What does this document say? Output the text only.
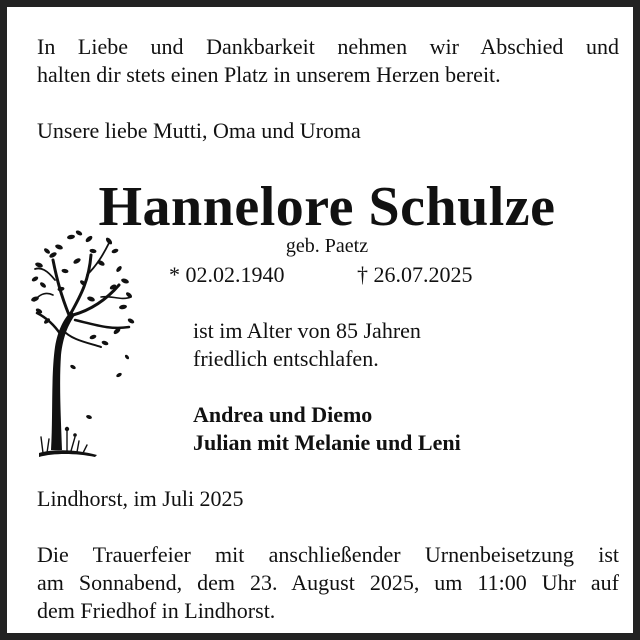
In Liebe und Dankbarkeit nehmen wir Abschied und
halten dir stets einen Platz in unserem Herzen bereit.

Unsere liebe Mutti, Oma und Uroma

Hannelore Schulze
geb. Paetz
* 02.02.1940	† 26.07.2025
ist im Alter von 85 Jahren
friedlich entschlafen.
Andrea und Diemo
Julian mit Melanie und Leni

Lindhorst, im Juli 2025

Die Trauerfeier mit anschließender Urnenbeisetzung ist
am Sonnabend, dem 23. August 2025, um 11:00 Uhr auf
dem Friedhof in Lindhorst.
